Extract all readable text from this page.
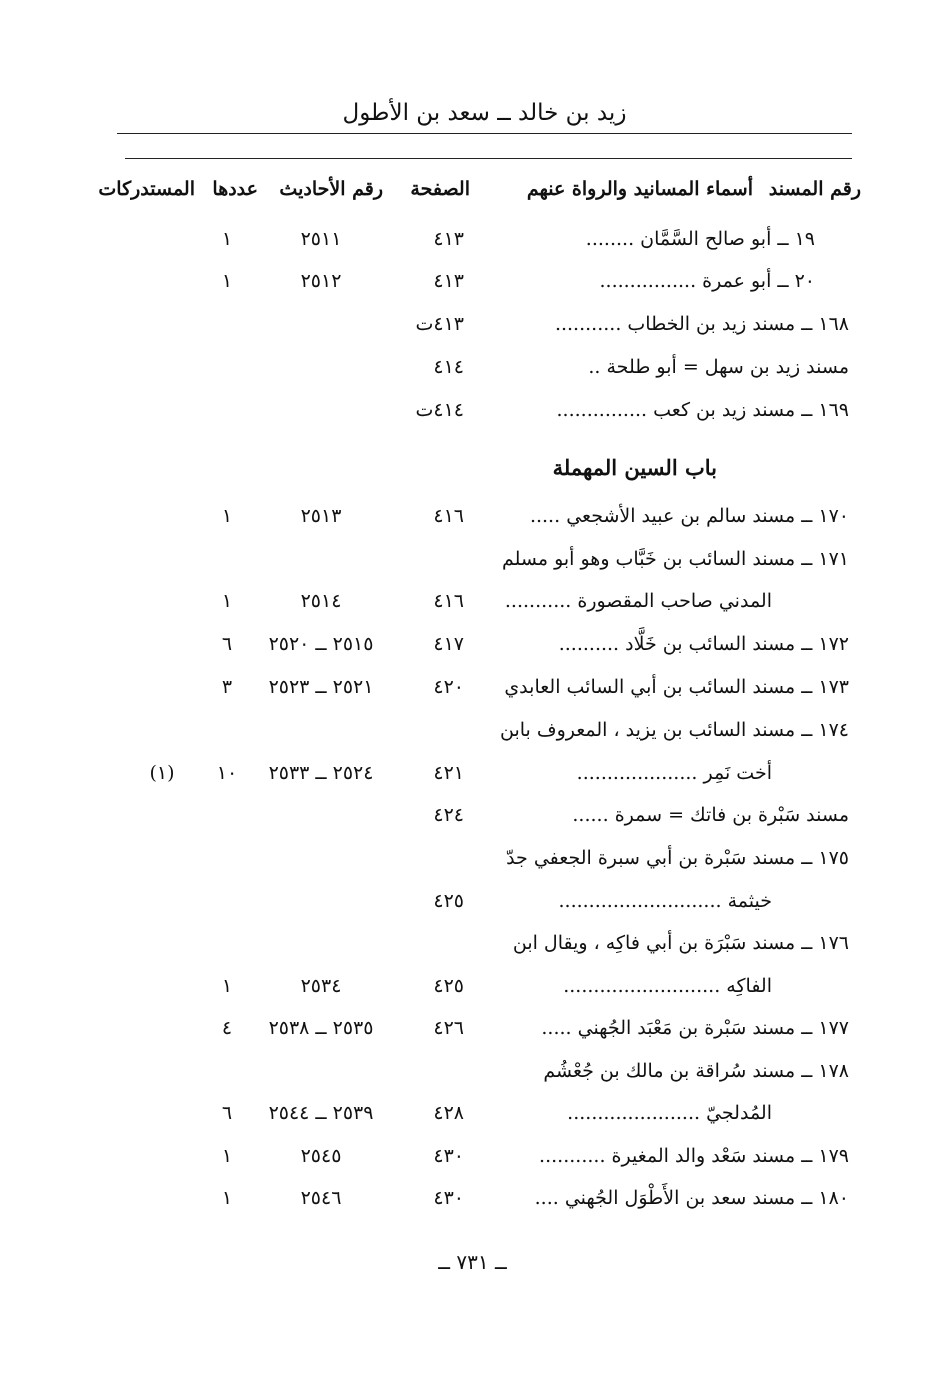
زيد بن خالد ــ سعد بن الأطول
رقم المسند
أسماء المسانيد والرواة عنهم
الصفحة
رقم الأحاديث
عددها
المستدركات
١٩ ــ أبو صالح السَّمَّان ........
٤١٣
٢٥١١
١
٢٠ ــ أبو عمرة ................
٤١٣
٢٥١٢
١
١٦٨ ــ مسند زيد بن الخطاب ...........
٤١٣ت
مسند زيد بن سهل = أبو طلحة ..
٤١٤
١٦٩ ــ مسند زيد بن كعب ...............
٤١٤ت
باب السين المهملة
١٧٠ ــ مسند سالم بن عبيد الأشجعي .....
٤١٦
٢٥١٣
١
١٧١ ــ مسند السائب بن خَبَّاب وهو أبو مسلم
المدني صاحب المقصورة ...........
٤١٦
٢٥١٤
١
١٧٢ ــ مسند السائب بن خَلَّاد ..........
٤١٧
٢٥١٥ ــ ٢٥٢٠
٦
١٧٣ ــ مسند السائب بن أبي السائب العابدي
٤٢٠
٢٥٢١ ــ ٢٥٢٣
٣
١٧٤ ــ مسند السائب بن يزيد ، المعروف بابن
أخت نَمِر ....................
٤٢١
٢٥٢٤ ــ ٢٥٣٣
١٠
(١)
مسند سَبْرة بن فاتك = سمرة ......
٤٢٤
١٧٥ ــ مسند سَبْرة بن أبي سبرة الجعفي جدّ
خيثمة ...........................
٤٢٥
١٧٦ ــ مسند سَبْرَة بن أبي فاكِه ، ويقال ابن
الفاكِه ..........................
٤٢٥
٢٥٣٤
١
١٧٧ ــ مسند سَبْرة بن مَعْبَد الجُهني .....
٤٢٦
٢٥٣٥ ــ ٢٥٣٨
٤
١٧٨ ــ مسند سُراقة بن مالك بن جُعْشُم
المُدلجيّ ......................
٤٢٨
٢٥٣٩ ــ ٢٥٤٤
٦
١٧٩ ــ مسند سَعْد والد المغيرة ...........
٤٣٠
٢٥٤٥
١
١٨٠ ــ مسند سعد بن الأَطْوَل الجُهني ....
٤٣٠
٢٥٤٦
١
ــ ٧٣١ ــ
